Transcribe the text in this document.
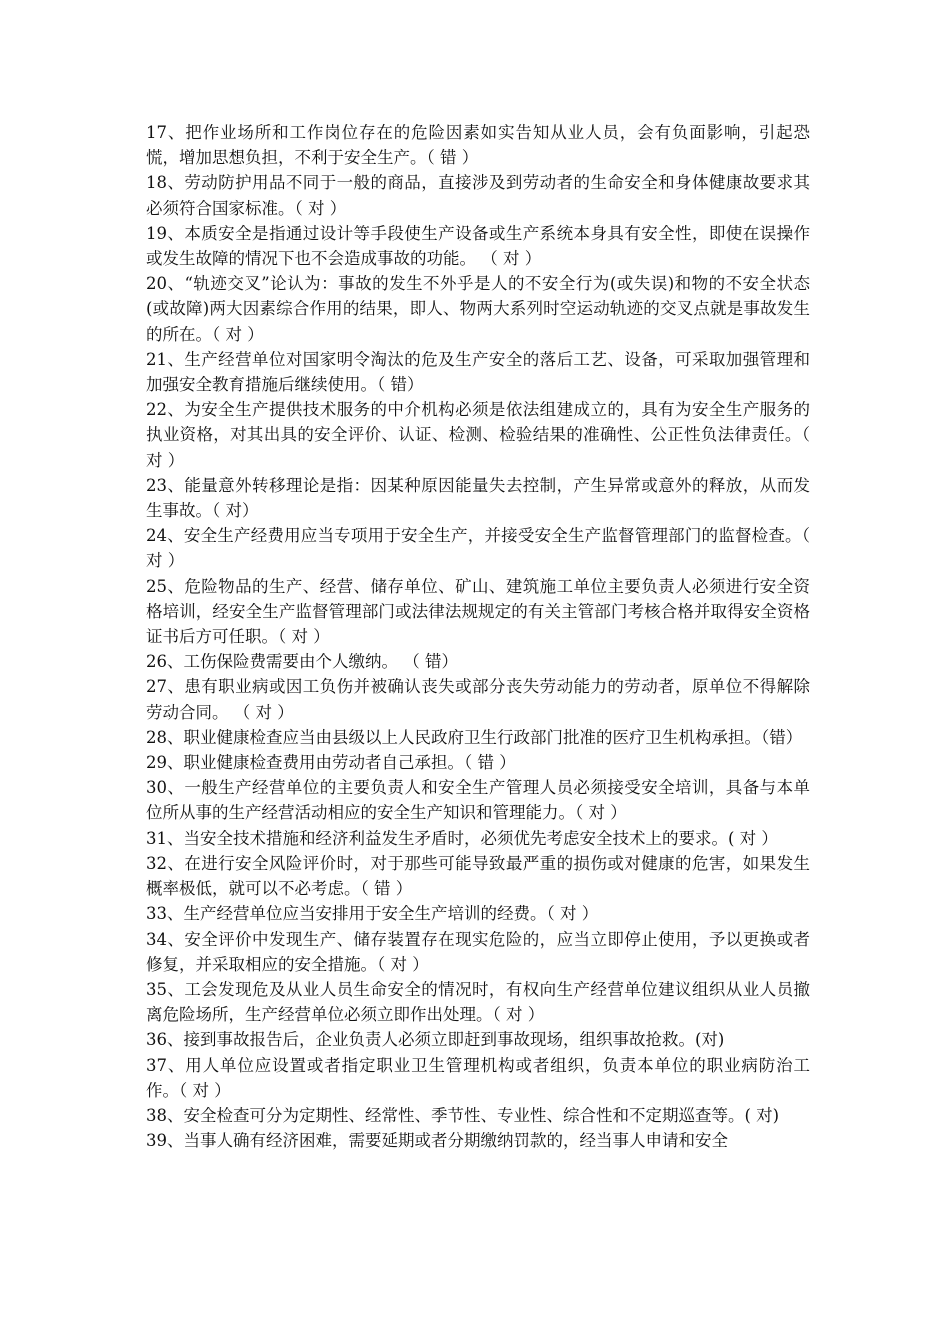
17、把作业场所和工作岗位存在的危险因素如实告知从业人员，会有负面影响，引起恐慌，增加思想负担，不利于安全生产。（ 错 ）

18、劳动防护用品不同于一般的商品，直接涉及到劳动者的生命安全和身体健康故要求其必须符合国家标准。（ 对 ）

19、本质安全是指通过设计等手段使生产设备或生产系统本身具有安全性，即使在误操作或发生故障的情况下也不会造成事故的功能。 （ 对 ）

20、“轨迹交叉”论认为：事故的发生不外乎是人的不安全行为(或失误)和物的不安全状态(或故障)两大因素综合作用的结果，即人、物两大系列时空运动轨迹的交叉点就是事故发生的所在。（ 对 ）

21、生产经营单位对国家明令淘汰的危及生产安全的落后工艺、设备，可采取加强管理和加强安全教育措施后继续使用。（ 错）

22、为安全生产提供技术服务的中介机构必须是依法组建成立的，具有为安全生产服务的执业资格，对其出具的安全评价、认证、检测、检验结果的准确性、公正性负法律责任。（ 对 ）

23、能量意外转移理论是指：因某种原因能量失去控制，产生异常或意外的释放，从而发生事故。（ 对）

24、安全生产经费用应当专项用于安全生产，并接受安全生产监督管理部门的监督检查。（ 对 ）

25、危险物品的生产、经营、储存单位、矿山、建筑施工单位主要负责人必须进行安全资格培训，经安全生产监督管理部门或法律法规规定的有关主管部门考核合格并取得安全资格证书后方可任职。（ 对 ）

26、工伤保险费需要由个人缴纳。 （ 错）

27、患有职业病或因工负伤并被确认丧失或部分丧失劳动能力的劳动者，原单位不得解除劳动合同。 （ 对 ）

28、职业健康检查应当由县级以上人民政府卫生行政部门批准的医疗卫生机构承担。（错）

29、职业健康检查费用由劳动者自己承担。（ 错 ）

30、一般生产经营单位的主要负责人和安全生产管理人员必须接受安全培训，具备与本单位所从事的生产经营活动相应的安全生产知识和管理能力。（ 对 ）

31、当安全技术措施和经济利益发生矛盾时，必须优先考虑安全技术上的要求。( 对 ）

32、在进行安全风险评价时，对于那些可能导致最严重的损伤或对健康的危害，如果发生概率极低，就可以不必考虑。（ 错 ）

33、生产经营单位应当安排用于安全生产培训的经费。（ 对 ）

34、安全评价中发现生产、储存装置存在现实危险的，应当立即停止使用，予以更换或者修复，并采取相应的安全措施。（ 对 ）

35、工会发现危及从业人员生命安全的情况时，有权向生产经营单位建议组织从业人员撤离危险场所，生产经营单位必须立即作出处理。（ 对 ）

36、接到事故报告后，企业负责人必须立即赶到事故现场，组织事故抢救。(对)

37、用人单位应设置或者指定职业卫生管理机构或者组织，负责本单位的职业病防治工作。（ 对 ）

38、安全检查可分为定期性、经常性、季节性、专业性、综合性和不定期巡查等。( 对)

39、当事人确有经济困难，需要延期或者分期缴纳罚款的，经当事人申请和安全
